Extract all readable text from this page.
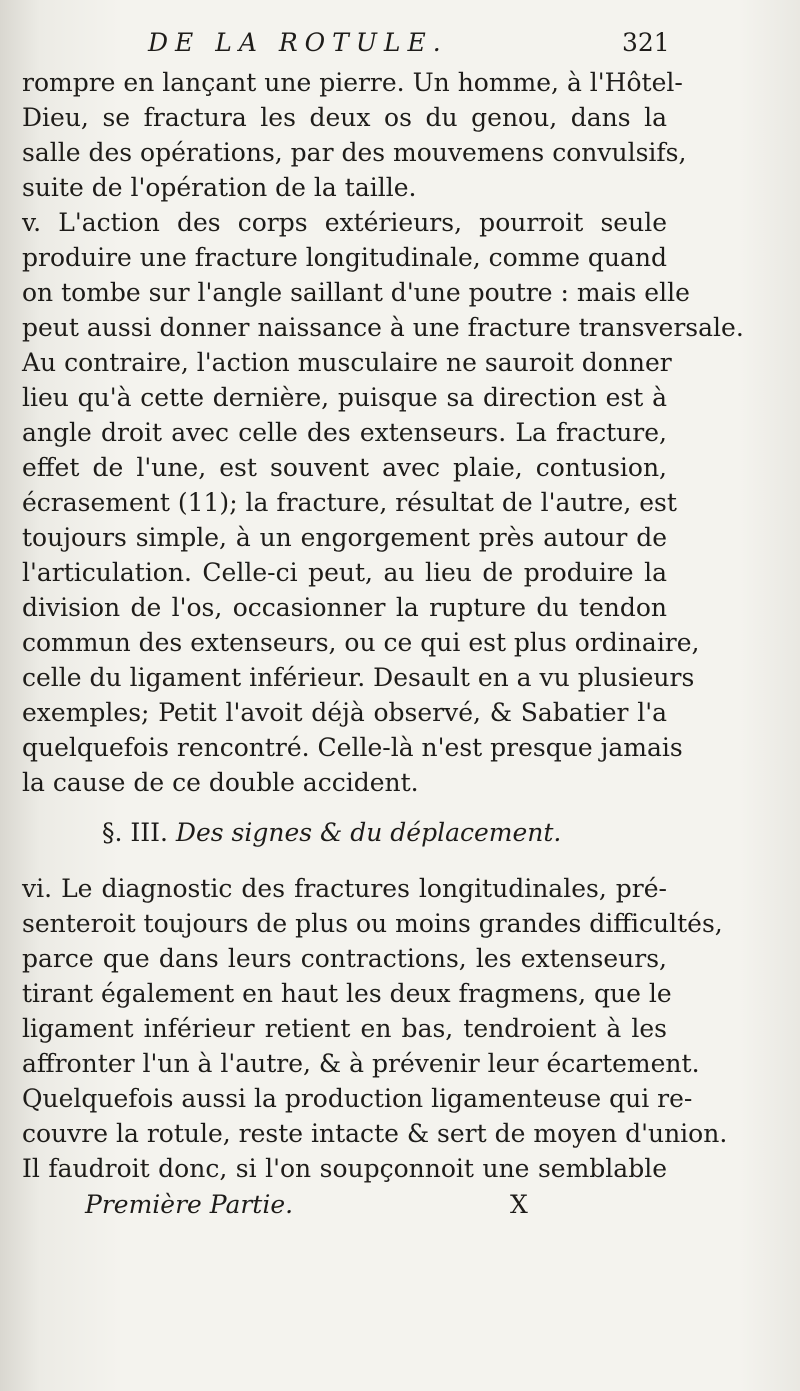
DE LA ROTULE.	321
rompre en lançant une pierre. Un homme, à l'Hôtel-
Dieu, se fractura les deux os du genou, dans la
salle des opérations, par des mouvemens convulsifs,
suite de l'opération de la taille.
v. L'action des corps extérieurs, pourroit seule
produire une fracture longitudinale, comme quand
on tombe sur l'angle saillant d'une poutre : mais elle
peut aussi donner naissance à une fracture transversale.
Au contraire, l'action musculaire ne sauroit donner
lieu qu'à cette dernière, puisque sa direction est à
angle droit avec celle des extenseurs. La fracture,
effet de l'une, est souvent avec plaie, contusion,
écrasement (11); la fracture, résultat de l'autre, est
toujours simple, à un engorgement près autour de
l'articulation. Celle-ci peut, au lieu de produire la
division de l'os, occasionner la rupture du tendon
commun des extenseurs, ou ce qui est plus ordinaire,
celle du ligament inférieur. Desault en a vu plusieurs
exemples; Petit l'avoit déjà observé, & Sabatier l'a
quelquefois rencontré. Celle-là n'est presque jamais
la cause de ce double accident.
§. III. Des signes & du déplacement.
vi. Le diagnostic des fractures longitudinales, pré-
senteroit toujours de plus ou moins grandes difficultés,
parce que dans leurs contractions, les extenseurs,
tirant également en haut les deux fragmens, que le
ligament inférieur retient en bas, tendroient à les
affronter l'un à l'autre, & à prévenir leur écartement.
Quelquefois aussi la production ligamenteuse qui re-
couvre la rotule, reste intacte & sert de moyen d'union.
Il faudroit donc, si l'on soupçonnoit une semblable
Première Partie.	X
